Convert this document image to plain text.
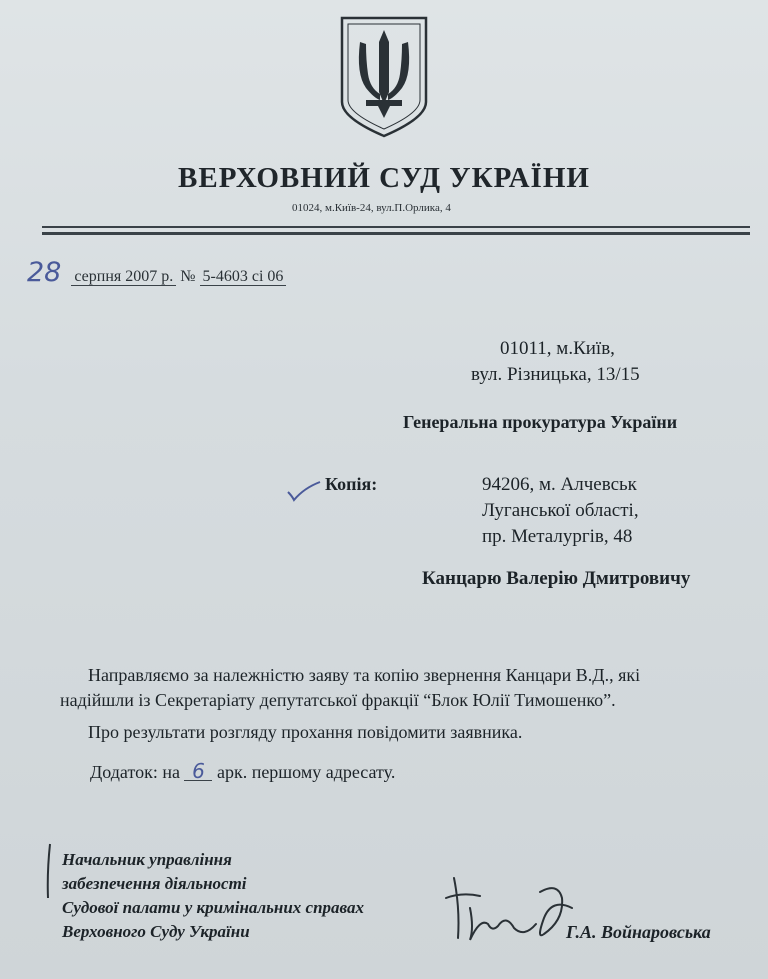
ВЕРХОВНИЙ СУД УКРАЇНИ
01024, м.Київ-24, вул.П.Орлика, 4
28 серпня 2007 р. № 5-4603 сі 06
01011, м.Київ,
вул. Різницька, 13/15
Генеральна прокуратура України
Копія:	94206, м. Алчевськ
Луганської області,
пр. Металургів, 48
Канцарю Валерію Дмитровичу
Направляємо за належністю заяву та копію звернення Канцари В.Д., які
надійшли із Секретаріату депутатської фракції “Блок Юлії Тимошенко”.
Про результати розгляду прохання повідомити заявника.
Додаток: на 6 арк. першому адресату.
Начальник управління
забезпечення діяльності
Судової палати у кримінальних справах
Верховного Суду України	Г.А. Войнаровська
